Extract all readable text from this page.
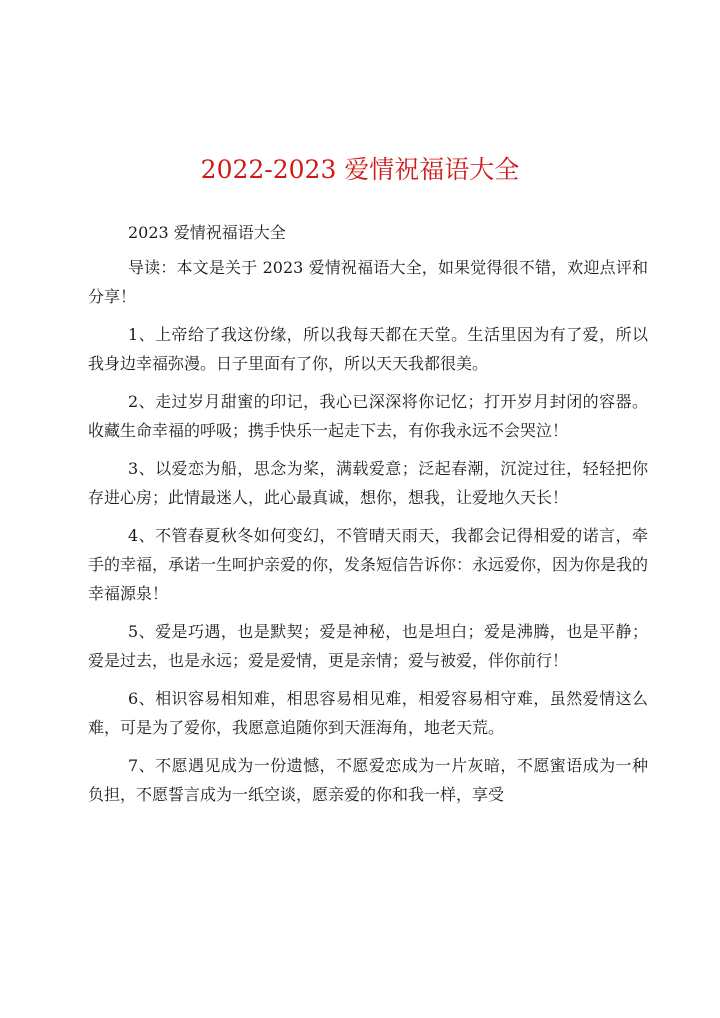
2022-2023 爱情祝福语大全

2023 爱情祝福语大全

导读：本文是关于 2023 爱情祝福语大全，如果觉得很不错，欢迎点评和分享！

1、上帝给了我这份缘，所以我每天都在天堂。生活里因为有了爱，所以我身边幸福弥漫。日子里面有了你，所以天天我都很美。

2、走过岁月甜蜜的印记，我心已深深将你记忆；打开岁月封闭的容器。收藏生命幸福的呼吸；携手快乐一起走下去，有你我永远不会哭泣！

3、以爱恋为船，思念为桨，满载爱意；泛起春潮，沉淀过往，轻轻把你存进心房；此情最迷人，此心最真诚，想你，想我，让爱地久天长！

4、不管春夏秋冬如何变幻，不管晴天雨天，我都会记得相爱的诺言，牵手的幸福，承诺一生呵护亲爱的你，发条短信告诉你：永远爱你，因为你是我的幸福源泉！

5、爱是巧遇，也是默契；爱是神秘，也是坦白；爱是沸腾，也是平静；爱是过去，也是永远；爱是爱情，更是亲情；爱与被爱，伴你前行！

6、相识容易相知难，相思容易相见难，相爱容易相守难，虽然爱情这么难，可是为了爱你，我愿意追随你到天涯海角，地老天荒。

7、不愿遇见成为一份遗憾，不愿爱恋成为一片灰暗，不愿蜜语成为一种负担，不愿誓言成为一纸空谈，愿亲爱的你和我一样，享受
